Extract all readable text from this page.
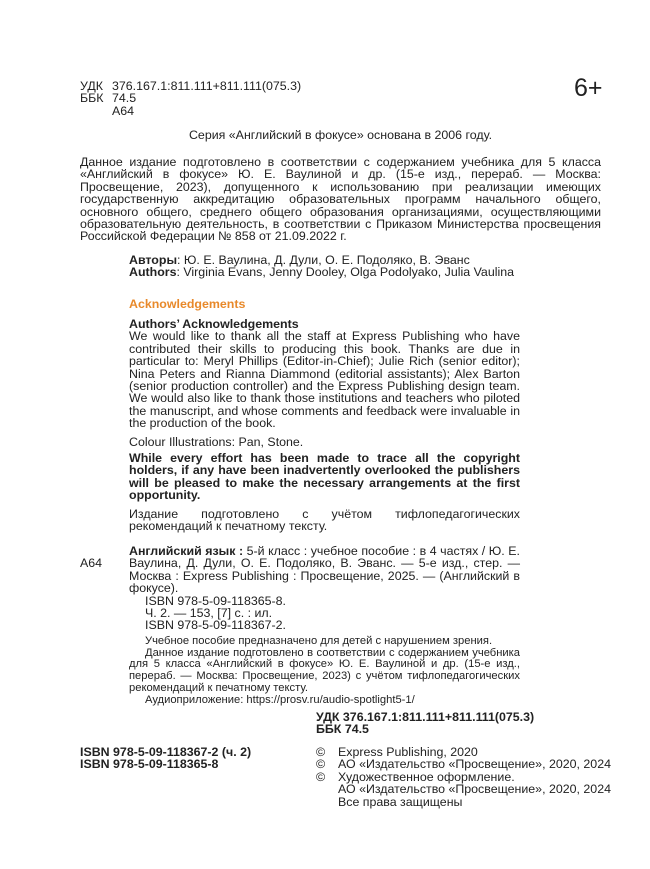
УДК 376.167.1:811.111+811.111(075.3)
ББК 74.5
А64
6+
Серия «Английский в фокусе» основана в 2006 году.

Данное издание подготовлено в соответствии с содержанием учебника для 5 класса «Английский в фокусе» Ю. Е. Ваулиной и др. (15-е изд., перераб. — Москва: Просвещение, 2023), допущенного к использованию при реализации имеющих государственную аккредитацию образовательных программ начального общего, основного общего, среднего общего образования организациями, осуществляющими образовательную деятельность, в соответствии с Приказом Министерства просвещения Российской Федерации № 858 от 21.09.2022 г.

Авторы: Ю. Е. Ваулина, Д. Дули, О. Е. Подоляко, В. Эванс
Authors: Virginia Evans, Jenny Dooley, Olga Podolyako, Julia Vaulina
Acknowledgements
Authors’ Acknowledgements

We would like to thank all the staff at Express Publishing who have contributed their skills to producing this book. Thanks are due in particular to: Meryl Phillips (Editor-in-Chief); Julie Rich (senior editor); Nina Peters and Rianna Diammond (editorial assistants); Alex Barton (senior production controller) and the Express Publishing design team. We would also like to thank those institutions and teachers who piloted the manuscript, and whose comments and feedback were invaluable in the production of the book.

Colour Illustrations: Pan, Stone.

While every effort has been made to trace all the copyright holders, if any have been inadvertently overlooked the publishers will be pleased to make the necessary arrangements at the first opportunity.

Издание подготовлено с учётом тифлопедагогических рекомендаций к печатному тексту.

А64

Английский язык : 5-й класс : учебное пособие : в 4 частях / Ю. Е. Ваулина, Д. Дули, О. Е. Подоляко, В. Эванс. — 5-е изд., стер. — Москва : Express Publishing : Просвещение, 2025. — (Английский в фокусе).

ISBN 978-5-09-118365-8.
Ч. 2. — 153, [7] с. : ил.
ISBN 978-5-09-118367-2.

Учебное пособие предназначено для детей с нарушением зрения.

Данное издание подготовлено в соответствии с содержанием учебника для 5 класса «Английский в фокусе» Ю. Е. Ваулиной и др. (15-е изд., перераб. — Москва: Просвещение, 2023) с учётом тифлопедагогических рекомендаций к печатному тексту.

Аудиоприложение: https://prosv.ru/audio-spotlight5-1/

УДК 376.167.1:811.111+811.111(075.3)
ББК 74.5
ISBN 978-5-09-118367-2 (ч. 2)
ISBN 978-5-09-118365-8
©	Express Publishing, 2020
©	АО «Издательство «Просвещение», 2020, 2024
©	Художественное оформление.
АО «Издательство «Просвещение», 2020, 2024
Все права защищены
